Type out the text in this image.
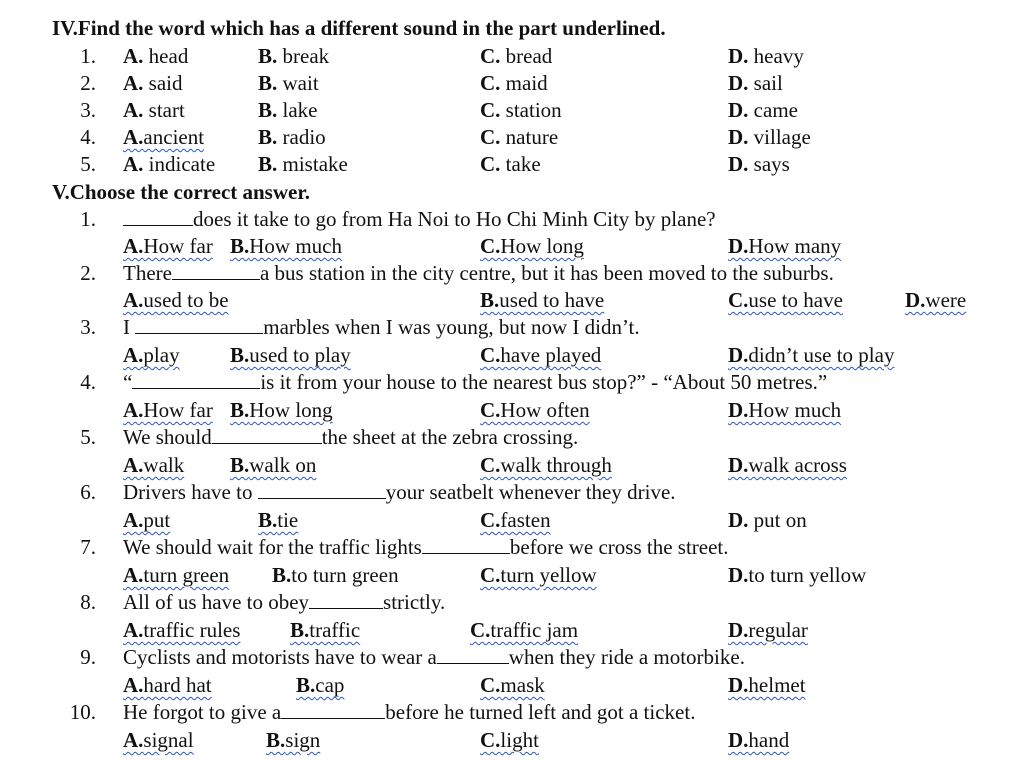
IV.Find the word which has a different sound in the part underlined.
1. A. head	B. break	C. bread	D. heavy
2. A. said	B. wait	C. maid	D. sail
3. A. start	B. lake	C. station	D. came
4. A.ancient	B. radio	C. nature	D. village
5. A. indicate B. mistake	C. take	D. says
V.Choose the correct answer.
1.	does it take to go from Ha Noi to Ho Chi Minh City by plane?
A.How far B.How much	C.How long	D.How many
2. There	a bus station in the city centre, but it has been moved to the suburbs.
A.used to be	B.used to have	C.use to have	D.were
3. I	marbles when I was young, but now I didn’t.
A.play B.used to play	C.have played	D.didn’t use to play
4. “	is it from your house to the nearest bus stop?” - “About 50 metres.”
A.How far B.How long	C.How often	D.How much
5. We should	the sheet at the zebra crossing.
A.walk B.walk on	C.walk through	D.walk across
6. Drivers have to	your seatbelt whenever they drive.
A.put	B.tie	C.fasten	D. put on
7. We should wait for the traffic lights	before we cross the street.
A.turn green B.to turn green	C.turn yellow	D.to turn yellow
8. All of us have to obey	strictly.
A.traffic rules B.traffic	C.traffic jam	D.regular
9. Cyclists and motorists have to wear a	when they ride a motorbike.
A.hard hat	B.cap	C.mask	D.helmet
10. He forgot to give a	before he turned left and got a ticket.
A.signal	B.sign	C.light	D.hand
